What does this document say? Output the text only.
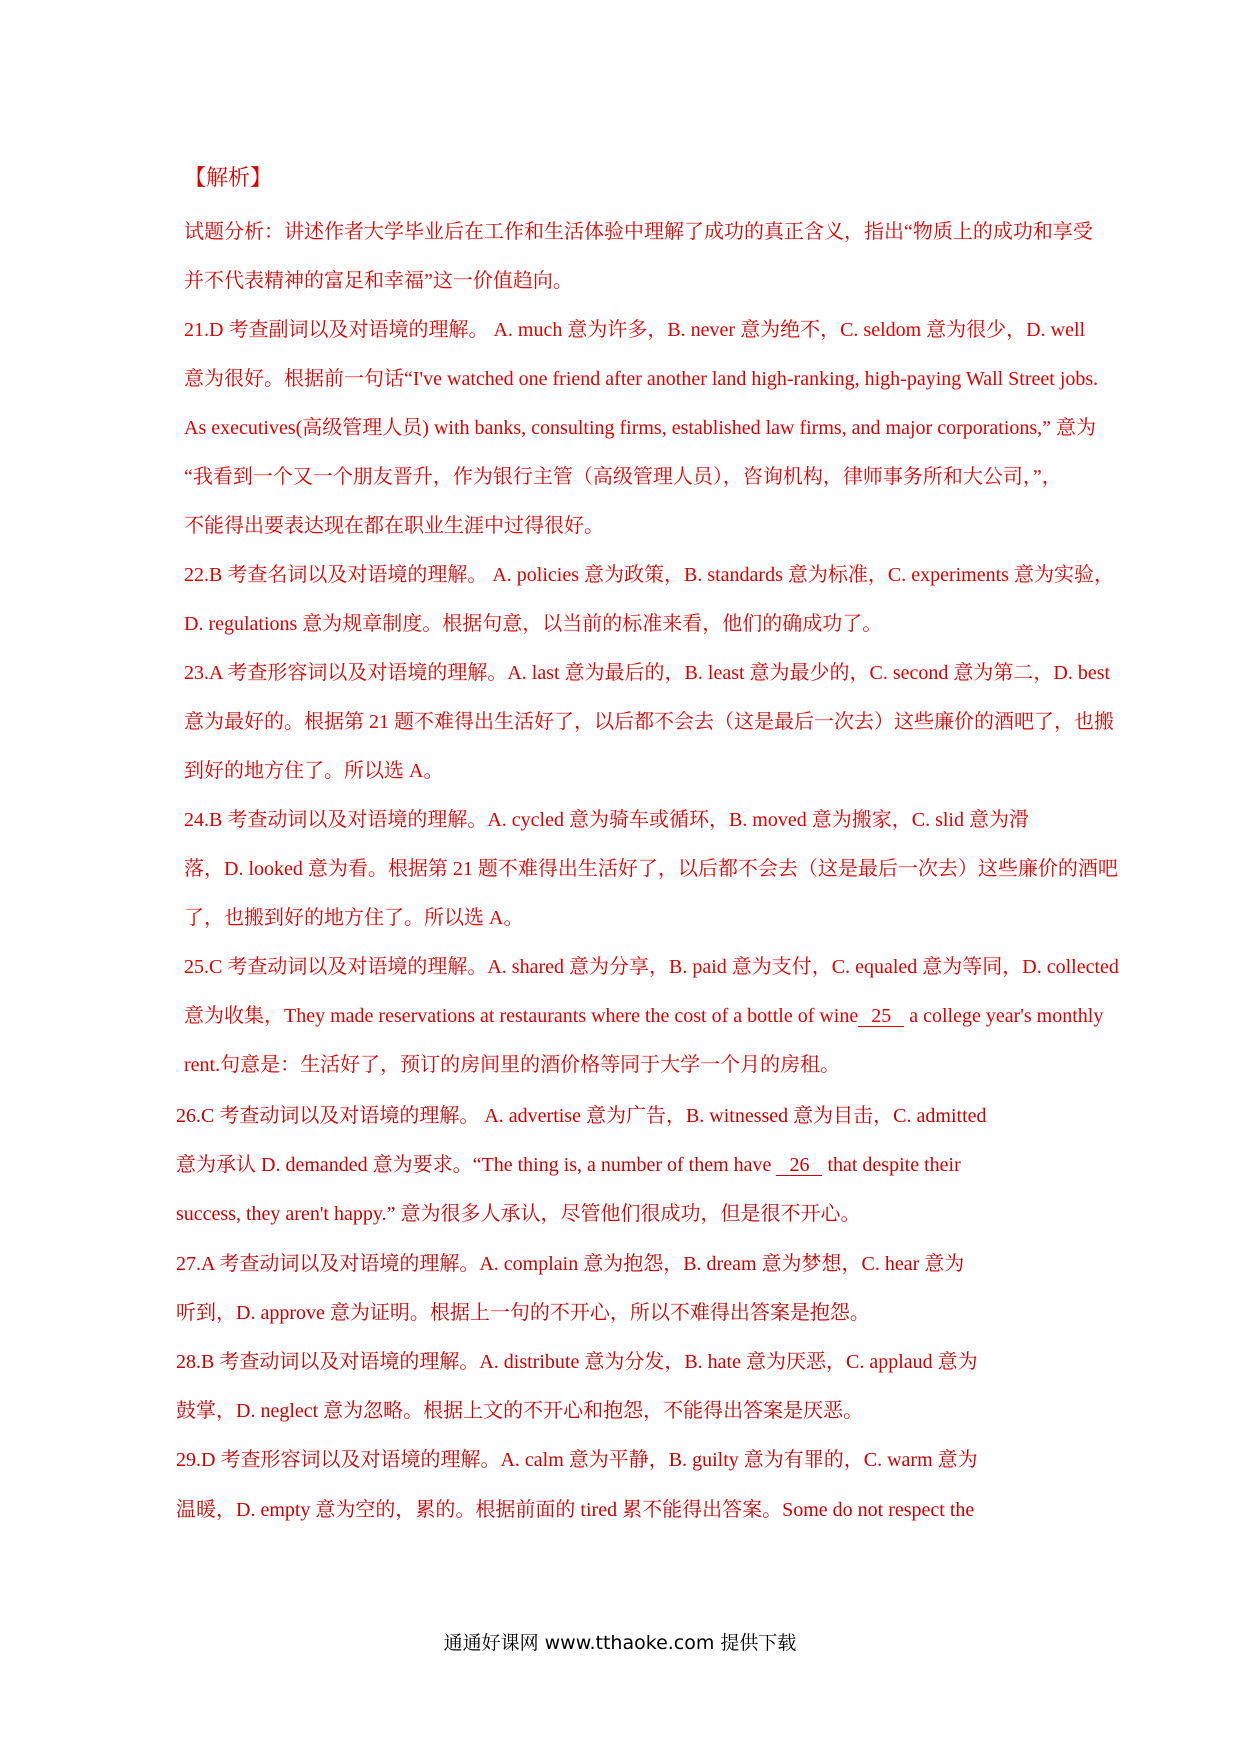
【解析】

试题分析：讲述作者大学毕业后在工作和生活体验中理解了成功的真正含义，指出“物质上的成功和享受
并不代表精神的富足和幸福”这一价值趋向。

21.D 考查副词以及对语境的理解。 A. much 意为许多，B. never 意为绝不，C. seldom 意为很少，D. well
意为很好。根据前一句话“I've watched one friend after another land high-ranking, high-paying Wall Street jobs.
As executives(高级管理人员) with banks, consulting firms, established law firms, and major corporations,” 意为
“我看到一个又一个朋友晋升，作为银行主管（高级管理人员），咨询机构，律师事务所和大公司，”，
不能得出要表达现在都在职业生涯中过得很好。

22.B 考查名词以及对语境的理解。 A. policies 意为政策，B. standards 意为标准，C. experiments 意为实验，
D. regulations 意为规章制度。根据句意，以当前的标准来看，他们的确成功了。

23.A 考查形容词以及对语境的理解。A. last 意为最后的，B. least 意为最少的，C. second 意为第二，D. best
意为最好的。根据第 21 题不难得出生活好了，以后都不会去（这是最后一次去）这些廉价的酒吧了，也搬
到好的地方住了。所以选 A。

24.B 考查动词以及对语境的理解。A. cycled 意为骑车或循环，B. moved 意为搬家，C. slid 意为滑
落，D. looked 意为看。根据第 21 题不难得出生活好了，以后都不会去（这是最后一次去）这些廉价的酒吧
了，也搬到好的地方住了。所以选 A。

25.C 考查动词以及对语境的理解。A. shared 意为分享，B. paid 意为支付，C. equaled 意为等同，D. collected
意为收集，They made reservations at restaurants where the cost of a bottle of wine 25 a college year's monthly
rent.句意是：生活好了，预订的房间里的酒价格等同于大学一个月的房租。

26.C 考查动词以及对语境的理解。 A. advertise 意为广告，B. witnessed 意为目击，C. admitted
意为承认 D. demanded 意为要求。“The thing is, a number of them have 26 that despite their
success, they aren't happy.” 意为很多人承认，尽管他们很成功，但是很不开心。

27.A 考查动词以及对语境的理解。A. complain 意为抱怨，B. dream 意为梦想，C. hear 意为
听到，D. approve 意为证明。根据上一句的不开心，所以不难得出答案是抱怨。

28.B 考查动词以及对语境的理解。A. distribute 意为分发，B. hate 意为厌恶，C. applaud 意为
鼓掌，D. neglect 意为忽略。根据上文的不开心和抱怨，不能得出答案是厌恶。

29.D 考查形容词以及对语境的理解。A. calm 意为平静，B. guilty 意为有罪的，C. warm 意为
温暖，D. empty 意为空的，累的。根据前面的 tired 累不能得出答案。Some do not respect the

通通好课网 www.tthaoke.com 提供下载
